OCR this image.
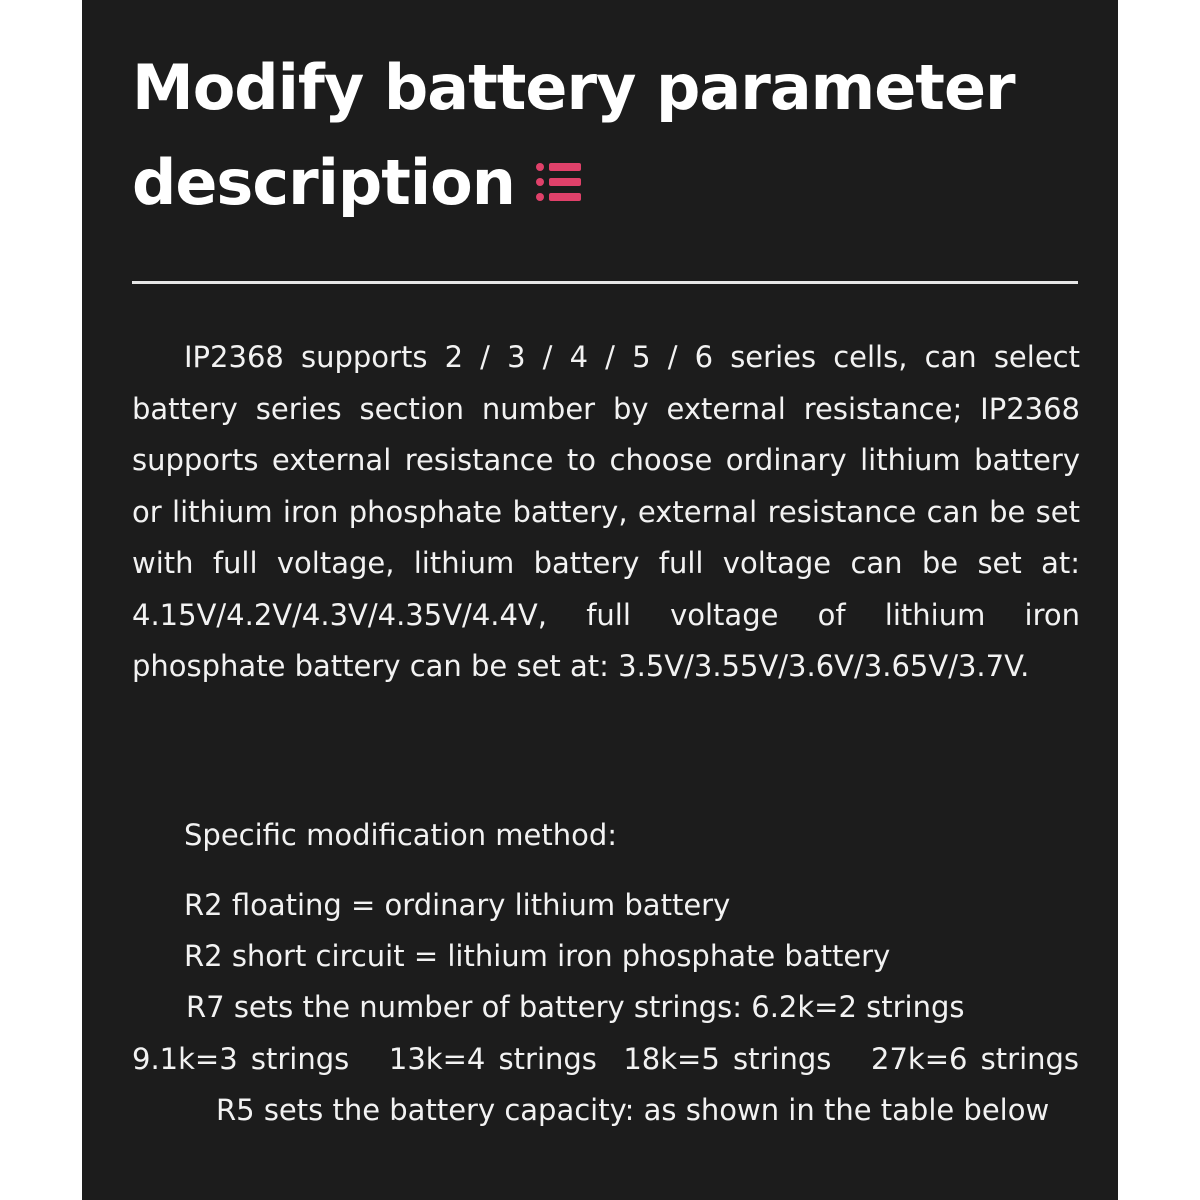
Modify battery parameter description

IP2368 supports 2 / 3 / 4 / 5 / 6 series cells, can select battery series section number by external resistance; IP2368 supports external resistance to choose ordinary lithium battery or lithium iron phosphate battery, external resistance can be set with full voltage, lithium battery full voltage can be set at: 4.15V/4.2V/4.3V/4.35V/4.4V, full voltage of lithium iron phosphate battery can be set at: 3.5V/3.55V/3.6V/3.65V/3.7V.

Specific modification method:

R2 floating = ordinary lithium battery

R2 short circuit = lithium iron phosphate battery

R7 sets the number of battery strings: 6.2k=2 strings

9.1k=3 strings   13k=4 strings  18k=5 strings   27k=6 strings

R5 sets the battery capacity: as shown in the table below
